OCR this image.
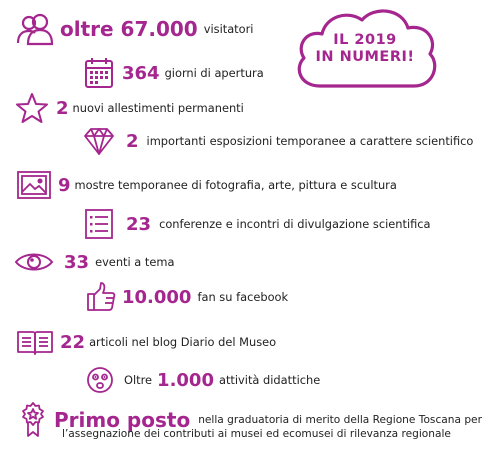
IL 2019
IN NUMERI!
oltre 67.000 visitatori
364 giorni di apertura
2 nuovi allestimenti permanenti
2 importanti esposizioni temporanee a carattere scientifico
9 mostre temporanee di fotografia, arte, pittura e scultura
23 conferenze e incontri di divulgazione scientifica
33 eventi a tema
10.000 fan su facebook
22 articoli nel blog Diario del Museo
Oltre 1.000 attività didattiche
Primo posto nella graduatoria di merito della Regione Toscana per
l’assegnazione dei contributi ai musei ed ecomusei di rilevanza regionale
